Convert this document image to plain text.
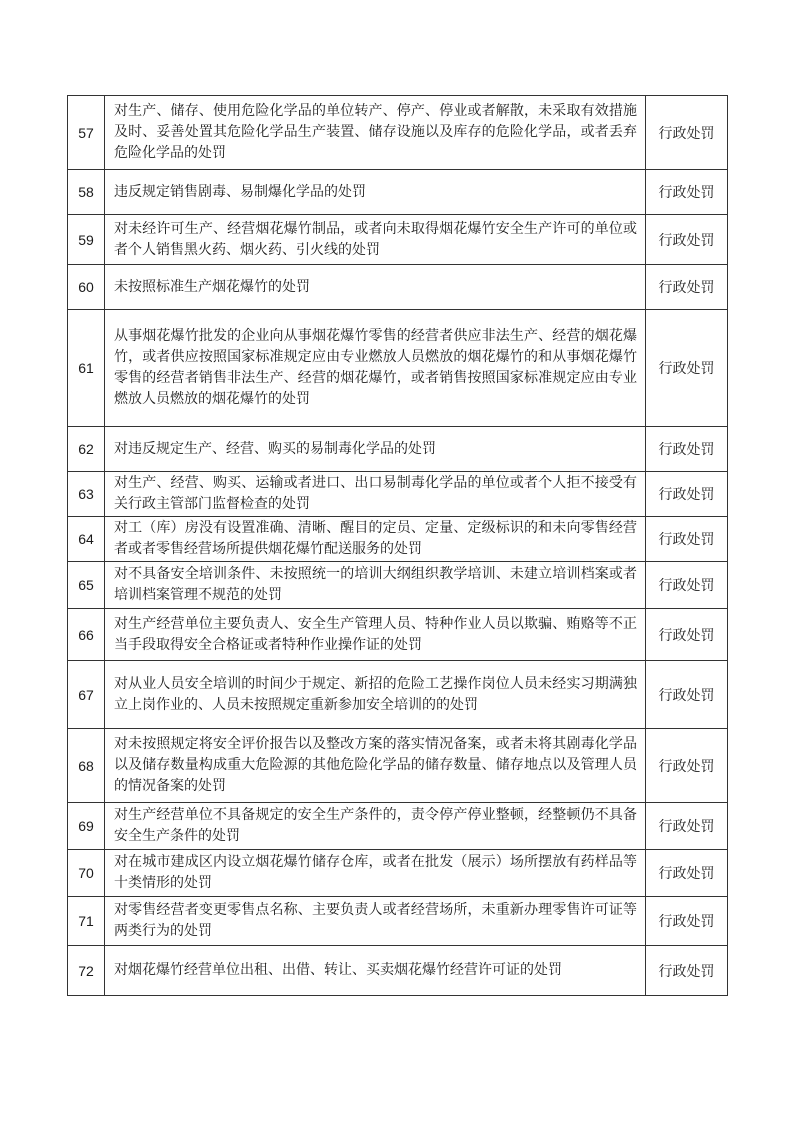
57	对生产、储存、使用危险化学品的单位转产、停产、停业或者解散，未采取有效措施及时、妥善处置其危险化学品生产装置、储存设施以及库存的危险化学品，或者丢弃危险化学品的处罚	行政处罚
58	违反规定销售剧毒、易制爆化学品的处罚	行政处罚
59	对未经许可生产、经营烟花爆竹制品，或者向未取得烟花爆竹安全生产许可的单位或者个人销售黑火药、烟火药、引火线的处罚	行政处罚
60	未按照标准生产烟花爆竹的处罚	行政处罚
61	从事烟花爆竹批发的企业向从事烟花爆竹零售的经营者供应非法生产、经营的烟花爆竹，或者供应按照国家标准规定应由专业燃放人员燃放的烟花爆竹的和从事烟花爆竹零售的经营者销售非法生产、经营的烟花爆竹，或者销售按照国家标准规定应由专业燃放人员燃放的烟花爆竹的处罚	行政处罚
62	对违反规定生产、经营、购买的易制毒化学品的处罚	行政处罚
63	对生产、经营、购买、运输或者进口、出口易制毒化学品的单位或者个人拒不接受有关行政主管部门监督检查的处罚	行政处罚
64	对工（库）房没有设置准确、清晰、醒目的定员、定量、定级标识的和未向零售经营者或者零售经营场所提供烟花爆竹配送服务的处罚	行政处罚
65	对不具备安全培训条件、未按照统一的培训大纲组织教学培训、未建立培训档案或者培训档案管理不规范的处罚	行政处罚
66	对生产经营单位主要负责人、安全生产管理人员、特种作业人员以欺骗、贿赂等不正当手段取得安全合格证或者特种作业操作证的处罚	行政处罚
67	对从业人员安全培训的时间少于规定、新招的危险工艺操作岗位人员未经实习期满独立上岗作业的、人员未按照规定重新参加安全培训的的处罚	行政处罚
68	对未按照规定将安全评价报告以及整改方案的落实情况备案，或者未将其剧毒化学品以及储存数量构成重大危险源的其他危险化学品的储存数量、储存地点以及管理人员的情况备案的处罚	行政处罚
69	对生产经营单位不具备规定的安全生产条件的，责令停产停业整顿，经整顿仍不具备安全生产条件的处罚	行政处罚
70	对在城市建成区内设立烟花爆竹储存仓库，或者在批发（展示）场所摆放有药样品等十类情形的处罚	行政处罚
71	对零售经营者变更零售点名称、主要负责人或者经营场所，未重新办理零售许可证等两类行为的处罚	行政处罚
72	对烟花爆竹经营单位出租、出借、转让、买卖烟花爆竹经营许可证的处罚	行政处罚
